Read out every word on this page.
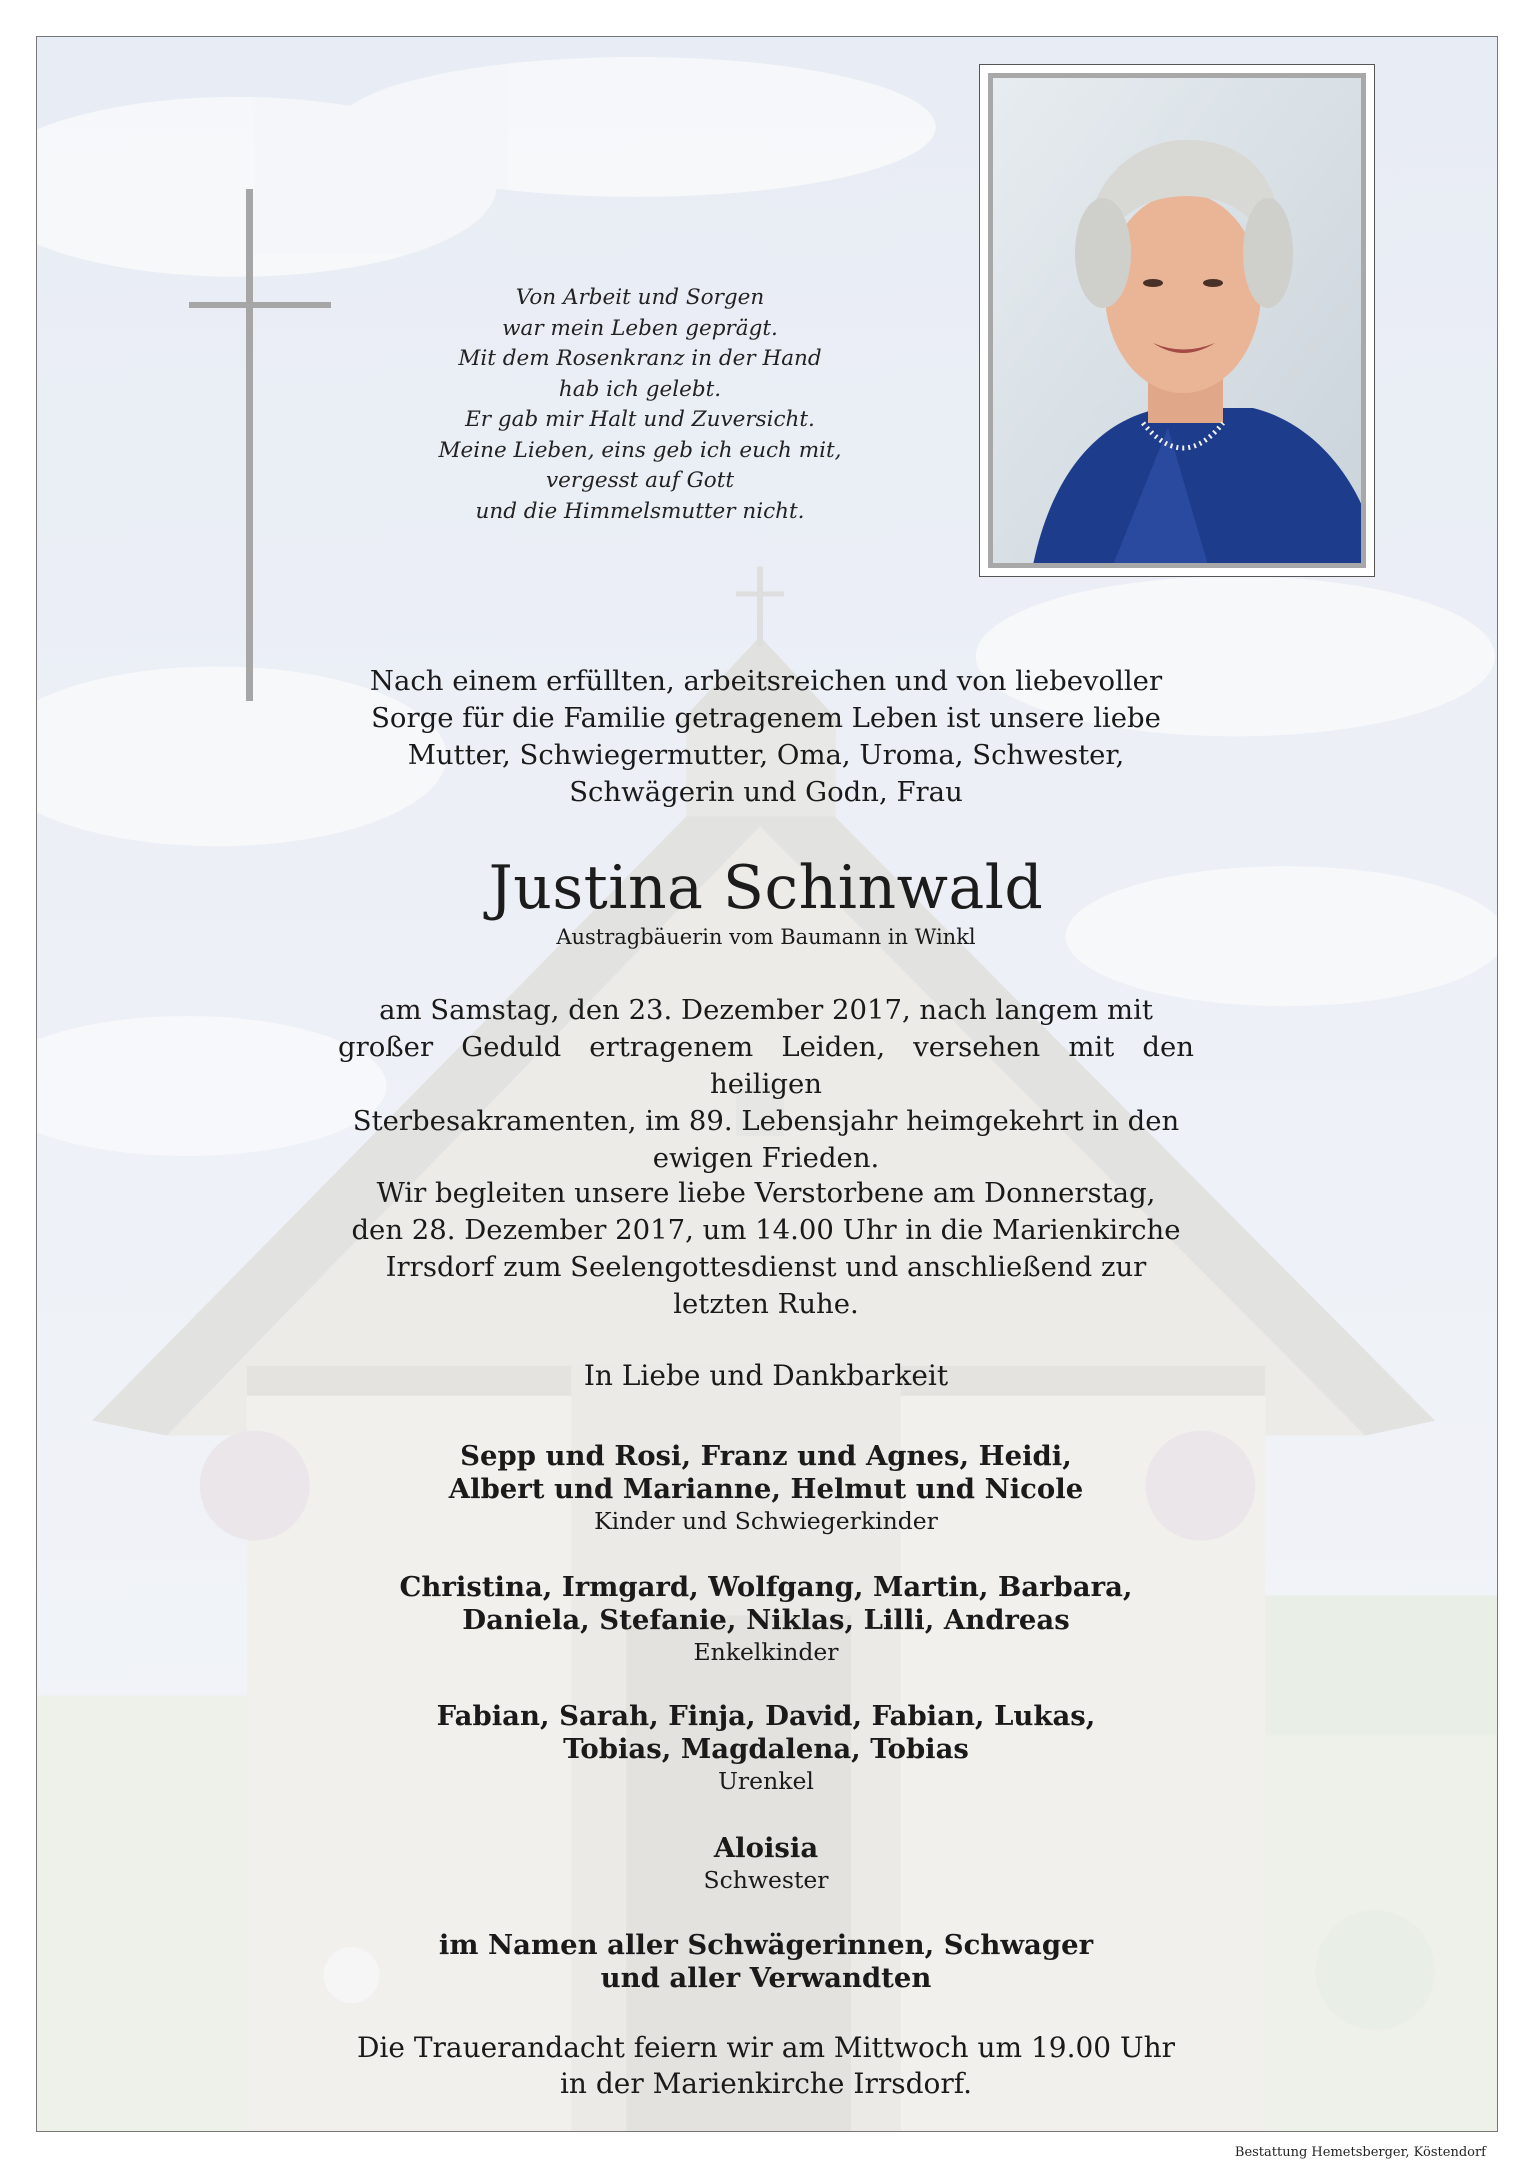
Von Arbeit und Sorgen
war mein Leben geprägt.
Mit dem Rosenkranz in der Hand
hab ich gelebt.
Er gab mir Halt und Zuversicht.
Meine Lieben, eins geb ich euch mit,
vergesst auf Gott
und die Himmelsmutter nicht.
Nach einem erfüllten, arbeitsreichen und von liebevoller
Sorge für die Familie getragenem Leben ist unsere liebe
Mutter, Schwiegermutter, Oma, Uroma, Schwester,
Schwägerin und Godn, Frau
Justina Schinwald
Austragbäuerin vom Baumann in Winkl
am Samstag, den 23. Dezember 2017, nach langem mit
großer Geduld ertragenem Leiden, versehen mit den heiligen
Sterbesakramenten, im 89. Lebensjahr heimgekehrt in den
ewigen Frieden.
Wir begleiten unsere liebe Verstorbene am Donnerstag,
den 28. Dezember 2017, um 14.00 Uhr in die Marienkirche
Irrsdorf zum Seelengottesdienst und anschließend zur
letzten Ruhe.
In Liebe und Dankbarkeit
Sepp und Rosi, Franz und Agnes, Heidi,
Albert und Marianne, Helmut und Nicole
Kinder und Schwiegerkinder
Christina, Irmgard, Wolfgang, Martin, Barbara,
Daniela, Stefanie, Niklas, Lilli, Andreas
Enkelkinder
Fabian, Sarah, Finja, David, Fabian, Lukas,
Tobias, Magdalena, Tobias
Urenkel
Aloisia
Schwester
im Namen aller Schwägerinnen, Schwager
und aller Verwandten
Die Trauerandacht feiern wir am Mittwoch um 19.00 Uhr
in der Marienkirche Irrsdorf.
Bestattung Hemetsberger, Köstendorf
